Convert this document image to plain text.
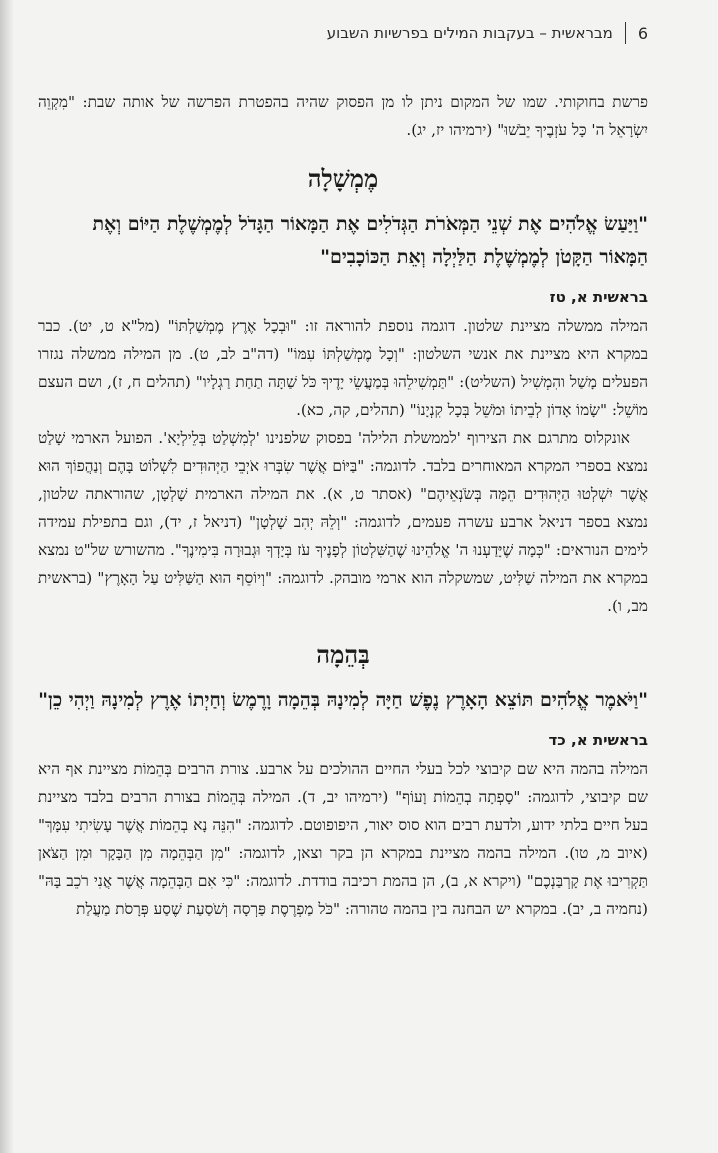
6
מבראשית – בעקבות המילים בפרשיות השבוע

פרשת בחוקותי. שמו של המקום ניתן לו מן הפסוק שהיה בהפטרת הפרשה של אותה שבת: "מִקְוֵה יִשְׂרָאֵל ה' כָּל עֹזְבֶיךָ יֵבֹשׁוּ" (ירמיהו יז, יג).

מֶמְשָׁלָה

"וַיַּעַשׂ אֱלֹהִים אֶת שְׁנֵי הַמְּאֹרֹת הַגְּדֹלִים אֶת הַמָּאוֹר הַגָּדֹל לְמֶמְשֶׁלֶת הַיּוֹם וְאֶת הַמָּאוֹר הַקָּטֹן לְמֶמְשֶׁלֶת הַלַּיְלָה וְאֵת הַכּוֹכָבִים"

בראשית א, טז

המילה ממשלה מציינת שלטון. דוגמה נוספת להוראה זו: "וּבְכָל אֶרֶץ מֶמְשַׁלְתּוֹ" (מל"א ט, יט). כבר במקרא היא מציינת את אנשי השלטון: "וְכָל מֶמְשַׁלְתּוֹ עִמּוֹ" (דה"ב לב, ט). מן המילה ממשלה נגזרו הפעלים מָשַׁל והִמְשִׁיל (השליט): "תַּמְשִׁילֵהוּ בְּמַעֲשֵׂי יָדֶיךָ כֹּל שַׁתָּה תַחַת רַגְלָיו" (תהלים ח, ז), ושם העצם מוֹשֵׁל: "שָׂמוֹ אָדוֹן לְבֵיתוֹ וּמֹשֵׁל בְּכָל קִנְיָנוֹ" (תהלים, קה, כא).

אונקלוס מתרגם את הצירוף 'לממשלת הלילה' בפסוק שלפנינו 'לְמִשְׁלַט בְּלֵילְיָא'. הפועל הארמי שָׁלַט נמצא בספרי המקרא המאוחרים בלבד. לדוגמה: "בַּיּוֹם אֲשֶׁר שִׂבְּרוּ אֹיְבֵי הַיְּהוּדִים לִשְׁלוֹט בָּהֶם וְנַהֲפוֹךְ הוּא אֲשֶׁר יִשְׁלְטוּ הַיְּהוּדִים הֵמָּה בְּשֹׂנְאֵיהֶם" (אסתר ט, א). את המילה הארמית שָׁלְטָן, שהוראתה שלטון, נמצא בספר דניאל ארבע עשרה פעמים, לדוגמה: "וְלֵהּ יְהִב שָׁלְטָן" (דניאל ז, יד), וגם בתפילת עמידה לימים הנוראים: "כְּמָה שֶׁיָּדַעְנוּ ה' אֱלֹהֵינוּ שֶׁהַשִּׁלְטוֹן לְפָנֶיךָ עֹז בְּיָדְךָ וּגְבוּרָה בִּימִינֶךָ". מהשורש של"ט נמצא במקרא את המילה שַׁלִּיט, שמשקלה הוא ארמי מובהק. לדוגמה: "וְיוֹסֵף הוּא הַשַּׁלִּיט עַל הָאָרֶץ" (בראשית מב, ו).

בְּהֵמָה

"וַיֹּאמֶר אֱלֹהִים תּוֹצֵא הָאָרֶץ נֶפֶשׁ חַיָּה לְמִינָהּ בְּהֵמָה וָרֶמֶשׂ וְחַיְתוֹ אֶרֶץ לְמִינָהּ וַיְהִי כֵן"

בראשית א, כד

המילה בהמה היא שם קיבוצי לכל בעלי החיים ההולכים על ארבע. צורת הרבים בְּהֵמוֹת מציינת אף היא שם קיבוצי, לדוגמה: "סָפְתָה בְהֵמוֹת וָעוֹף" (ירמיהו יב, ד). המילה בְּהֵמוֹת בצורת הרבים בלבד מציינת בעל חיים בלתי ידוע, ולדעת רבים הוא סוס יאור, היפופוטם. לדוגמה: "הִנֵּה נָא בְהֵמוֹת אֲשֶׁר עָשִׂיתִי עִמָּךְ" (איוב מ, טו). המילה בהמה מציינת במקרא הן בקר וצאן, לדוגמה: "מִן הַבְּהֵמָה מִן הַבָּקָר וּמִן הַצֹּאן תַּקְרִיבוּ אֶת קָרְבַּנְכֶם" (ויקרא א, ב), הן בהמת רכיבה בודדת. לדוגמה: "כִּי אִם הַבְּהֵמָה אֲשֶׁר אֲנִי רֹכֵב בָּהּ" (נחמיה ב, יב). במקרא יש הבחנה בין בהמה טהורה: "כֹּל מַפְרֶסֶת פַּרְסָה וְשֹׁסַעַת שֶׁסַע פְּרָסֹת מַעֲלַת
